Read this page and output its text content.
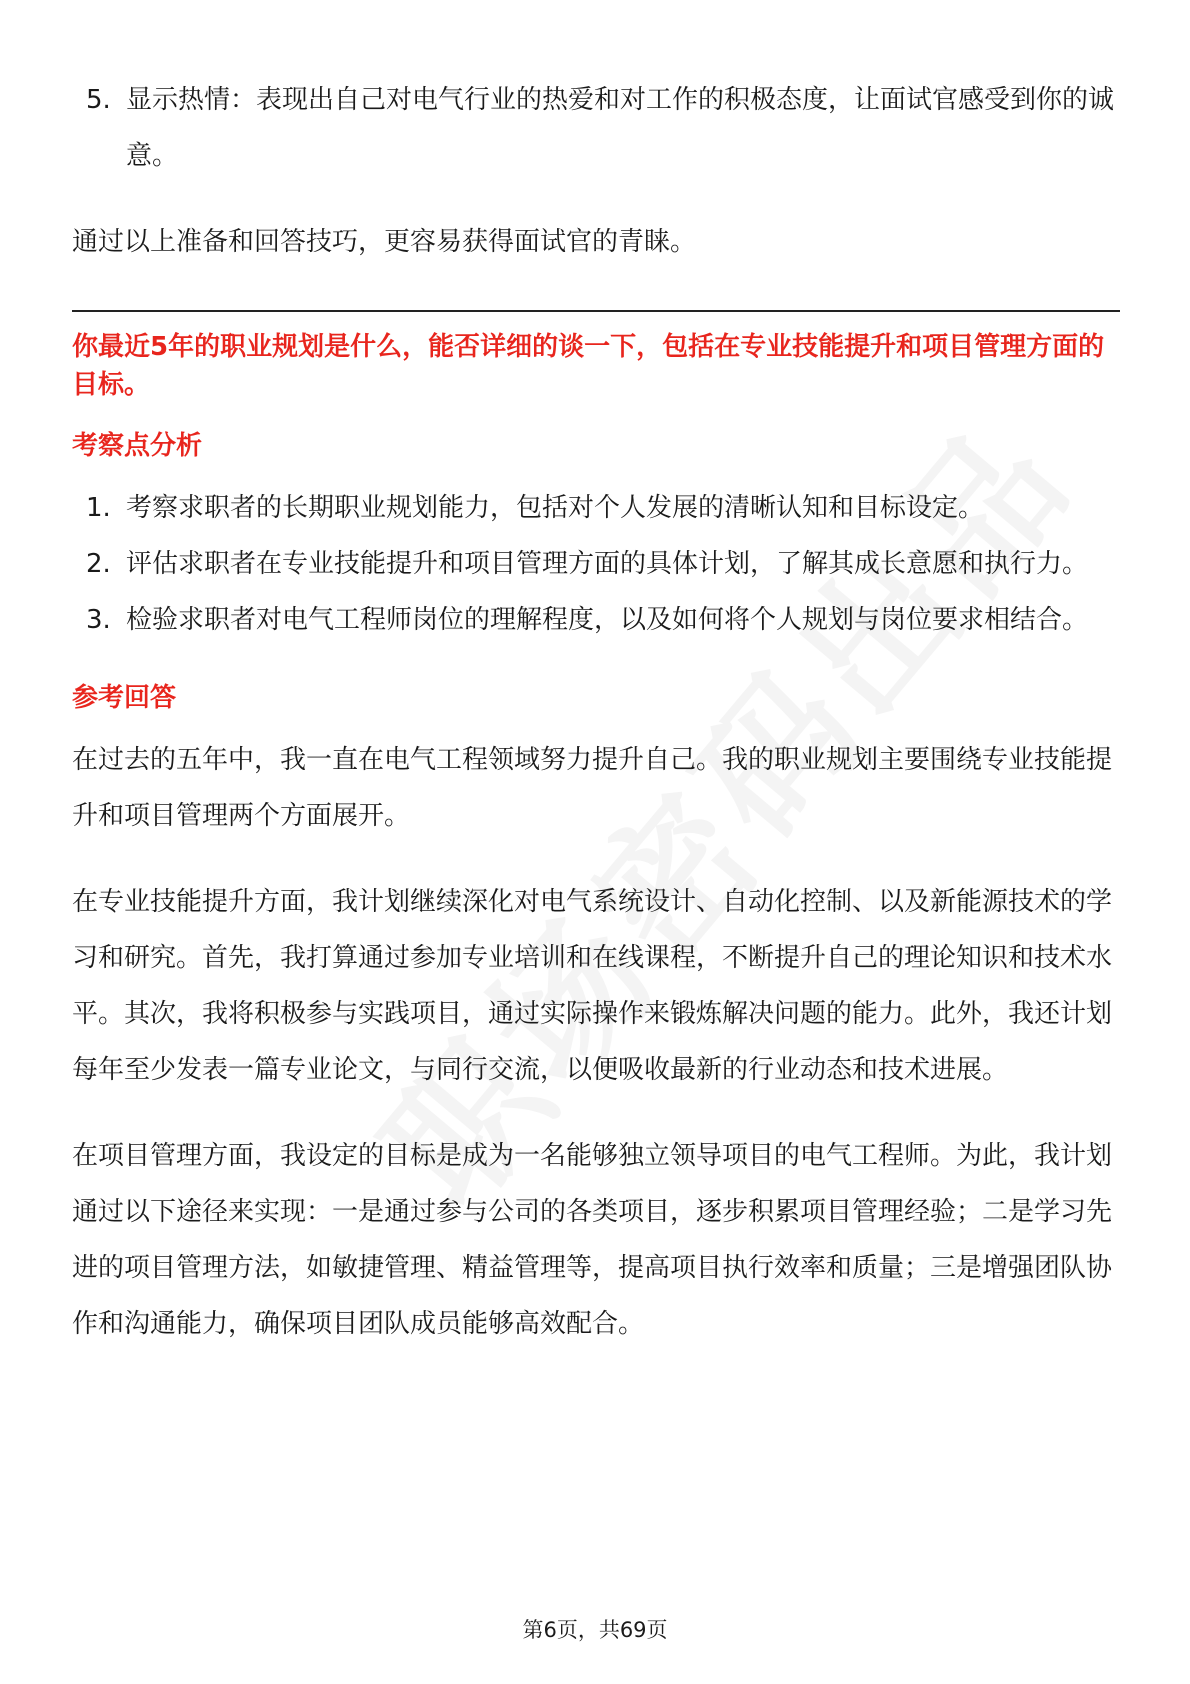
5. 显示热情：表现出自己对电气行业的热爱和对工作的积极态度，让面试官感受到你的诚意。

通过以上准备和回答技巧，更容易获得面试官的青睐。

你最近5年的职业规划是什么，能否详细的谈一下，包括在专业技能提升和项目管理方面的目标。

考察点分析
1. 考察求职者的长期职业规划能力，包括对个人发展的清晰认知和目标设定。
2. 评估求职者在专业技能提升和项目管理方面的具体计划，了解其成长意愿和执行力。
3. 检验求职者对电气工程师岗位的理解程度，以及如何将个人规划与岗位要求相结合。
参考回答

在过去的五年中，我一直在电气工程领域努力提升自己。我的职业规划主要围绕专业技能提升和项目管理两个方面展开。

在专业技能提升方面，我计划继续深化对电气系统设计、自动化控制、以及新能源技术的学习和研究。首先，我打算通过参加专业培训和在线课程，不断提升自己的理论知识和技术水平。其次，我将积极参与实践项目，通过实际操作来锻炼解决问题的能力。此外，我还计划每年至少发表一篇专业论文，与同行交流，以便吸收最新的行业动态和技术进展。

在项目管理方面，我设定的目标是成为一名能够独立领导项目的电气工程师。为此，我计划通过以下途径来实现：一是通过参与公司的各类项目，逐步积累项目管理经验；二是学习先进的项目管理方法，如敏捷管理、精益管理等，提高项目执行效率和质量；三是增强团队协作和沟通能力，确保项目团队成员能够高效配合。

第6页，共69页
